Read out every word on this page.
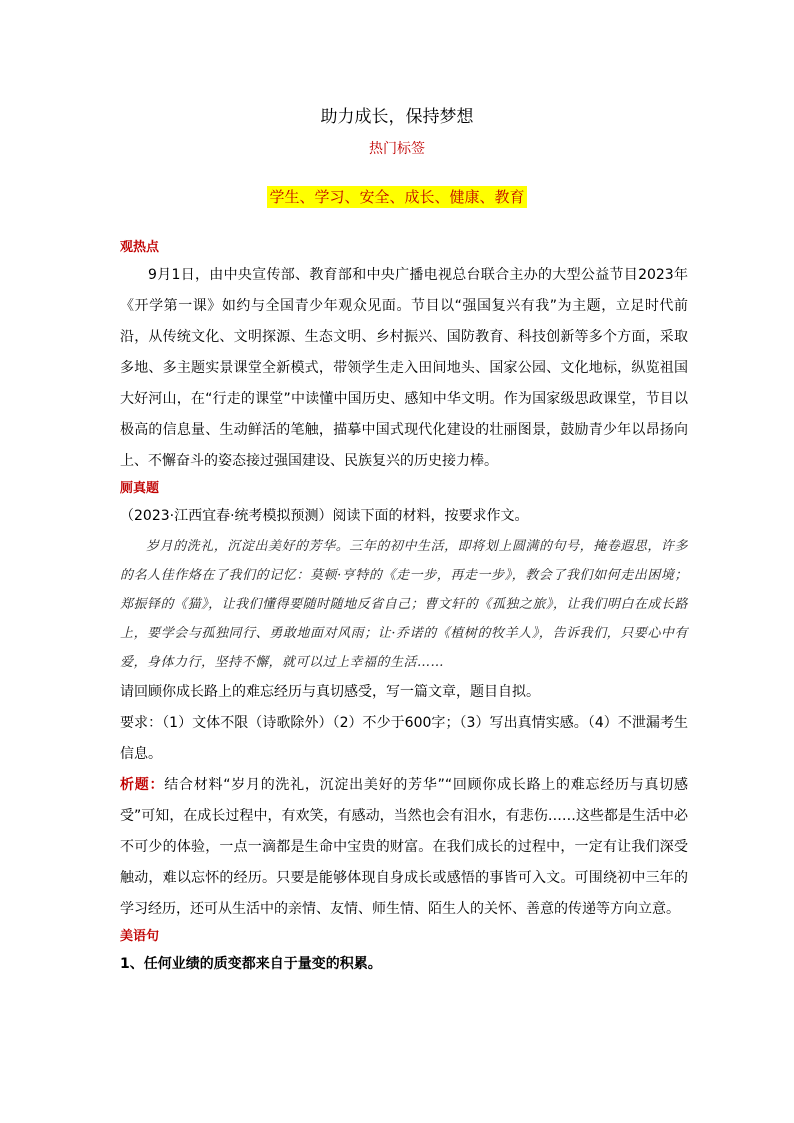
助力成长，保持梦想
热门标签
学生、学习、安全、成长、健康、教育
观热点
9月1日，由中央宣传部、教育部和中央广播电视总台联合主办的大型公益节目2023年《开学第一课》如约与全国青少年观众见面。节目以“强国复兴有我”为主题，立足时代前沿，从传统文化、文明探源、生态文明、乡村振兴、国防教育、科技创新等多个方面，采取多地、多主题实景课堂全新模式，带领学生走入田间地头、国家公园、文化地标，纵览祖国大好河山，在“行走的课堂”中读懂中国历史、感知中华文明。作为国家级思政课堂，节目以极高的信息量、生动鲜活的笔触，描摹中国式现代化建设的壮丽图景，鼓励青少年以昂扬向上、不懈奋斗的姿态接过强国建设、民族复兴的历史接力棒。
厕真题
（2023·江西宜春·统考模拟预测）阅读下面的材料，按要求作文。
岁月的洗礼，沉淀出美好的芳华。三年的初中生活，即将划上圆满的句号，掩卷遐思，许多的名人佳作烙在了我们的记忆：莫顿·亨特的《走一步，再走一步》，教会了我们如何走出困境；郑振铎的《猫》，让我们懂得要随时随地反省自己；曹文轩的《孤独之旅》，让我们明白在成长路上，要学会与孤独同行、勇敢地面对风雨；让·乔诺的《植树的牧羊人》，告诉我们，只要心中有爱，身体力行，坚持不懈，就可以过上幸福的生活……
请回顾你成长路上的难忘经历与真切感受，写一篇文章，题目自拟。
要求：（1）文体不限（诗歌除外）（2）不少于600字；（3）写出真情实感。（4）不泄漏考生信息。
析题：结合材料“岁月的洗礼，沉淀出美好的芳华”“回顾你成长路上的难忘经历与真切感受”可知，在成长过程中，有欢笑，有感动，当然也会有泪水，有悲伤……这些都是生活中必不可少的体验，一点一滴都是生命中宝贵的财富。在我们成长的过程中，一定有让我们深受触动，难以忘怀的经历。只要是能够体现自身成长或感悟的事皆可入文。可围绕初中三年的学习经历，还可从生活中的亲情、友情、师生情、陌生人的关怀、善意的传递等方向立意。
美语句
1、任何业绩的质变都来自于量变的积累。
